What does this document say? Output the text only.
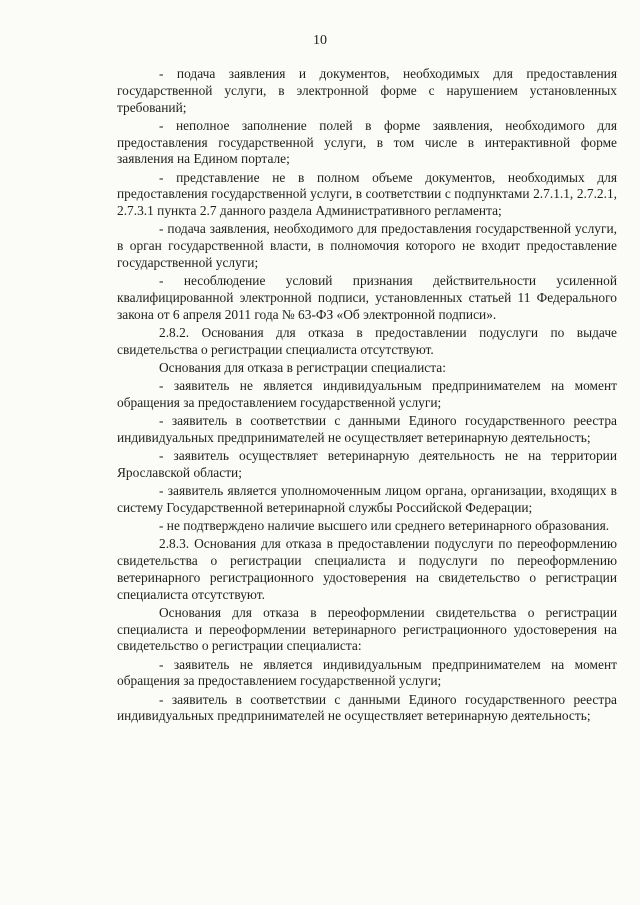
10

- подача заявления и документов, необходимых для предоставления государственной услуги, в электронной форме с нарушением установленных требований;

- неполное заполнение полей в форме заявления, необходимого для предоставления государственной услуги, в том числе в интерактивной форме заявления на Едином портале;

- представление не в полном объеме документов, необходимых для предоставления государственной услуги, в соответствии с подпунктами 2.7.1.1, 2.7.2.1, 2.7.3.1 пункта 2.7 данного раздела Административного регламента;

- подача заявления, необходимого для предоставления государственной услуги, в орган государственной власти, в полномочия которого не входит предоставление государственной услуги;

- несоблюдение условий признания действительности усиленной квалифицированной электронной подписи, установленных статьей 11 Федерального закона от 6 апреля 2011 года № 63-ФЗ «Об электронной подписи».

2.8.2. Основания для отказа в предоставлении подуслуги по выдаче свидетельства о регистрации специалиста отсутствуют.

Основания для отказа в регистрации специалиста:

- заявитель не является индивидуальным предпринимателем на момент обращения за предоставлением государственной услуги;

- заявитель в соответствии с данными Единого государственного реестра индивидуальных предпринимателей не осуществляет ветеринарную деятельность;

- заявитель осуществляет ветеринарную деятельность не на территории Ярославской области;

- заявитель является уполномоченным лицом органа, организации, входящих в систему Государственной ветеринарной службы Российской Федерации;

- не подтверждено наличие высшего или среднего ветеринарного образования.

2.8.3. Основания для отказа в предоставлении подуслуги по переоформлению свидетельства о регистрации специалиста и подуслуги по переоформлению ветеринарного регистрационного удостоверения на свидетельство о регистрации специалиста отсутствуют.

Основания для отказа в переоформлении свидетельства о регистрации специалиста и переоформлении ветеринарного регистрационного удостоверения на свидетельство о регистрации специалиста:

- заявитель не является индивидуальным предпринимателем на момент обращения за предоставлением государственной услуги;

- заявитель в соответствии с данными Единого государственного реестра индивидуальных предпринимателей не осуществляет ветеринарную деятельность;
